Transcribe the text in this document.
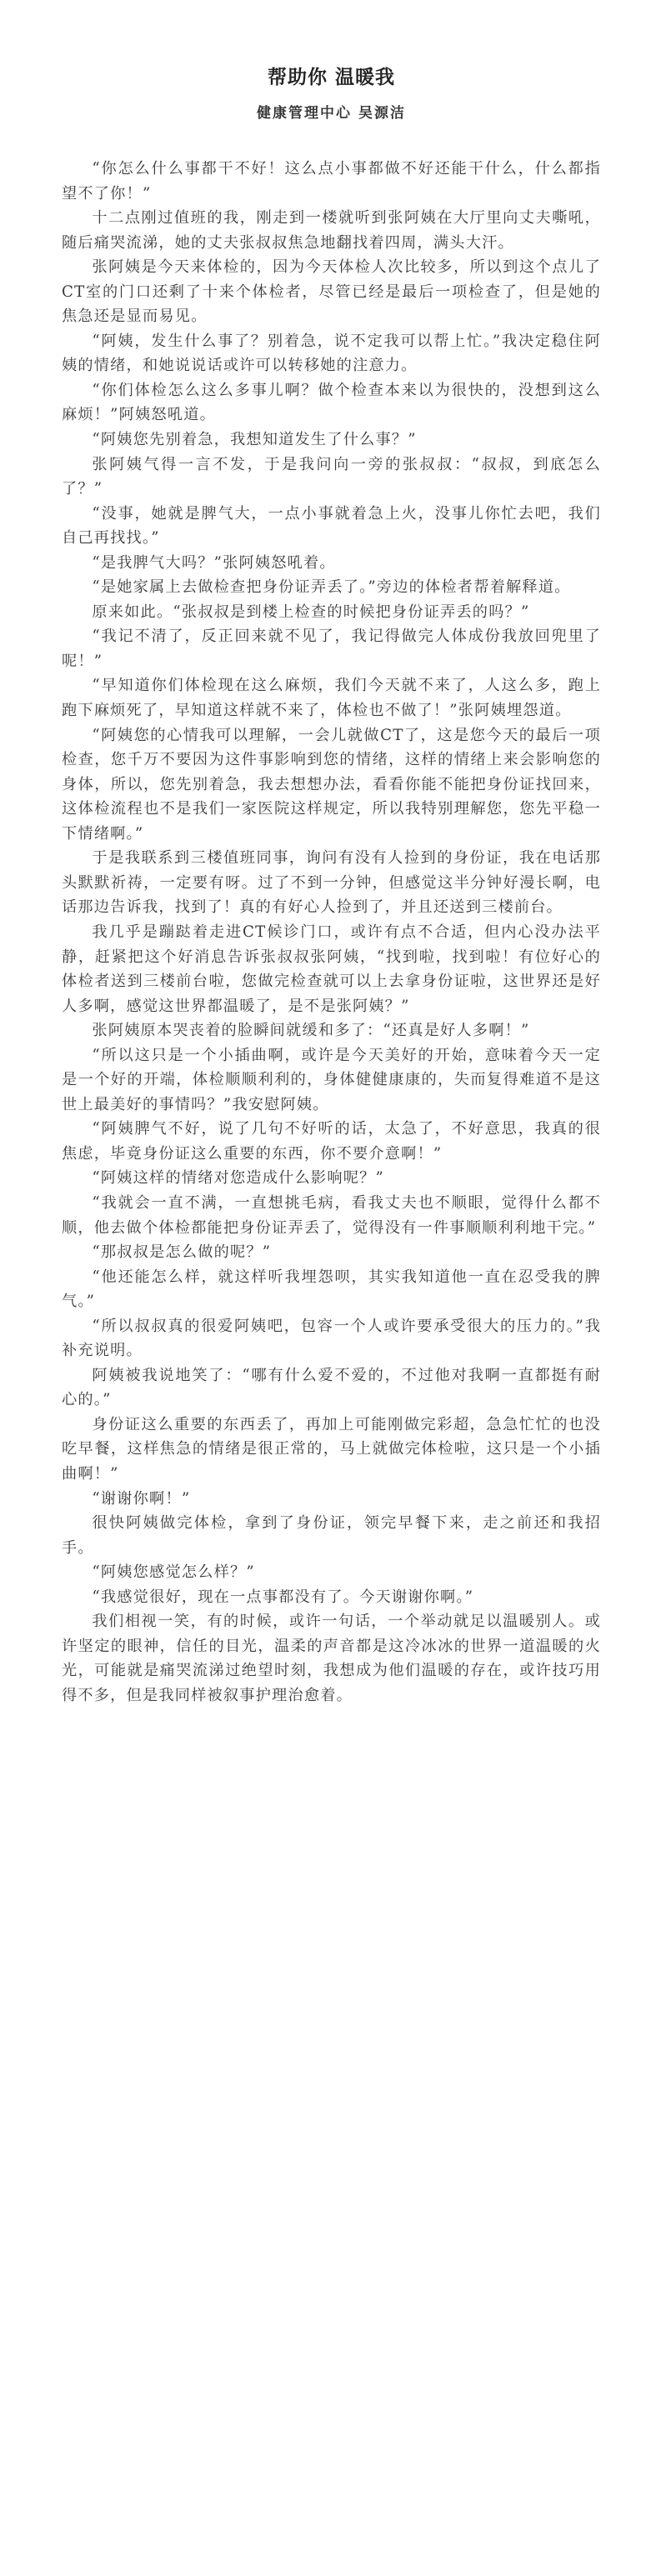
帮助你 温暖我
健康管理中心 吴源洁

“你怎么什么事都干不好！这么点小事都做不好还能干什么，什么都指望不了你！”

十二点刚过值班的我，刚走到一楼就听到张阿姨在大厅里向丈夫嘶吼，随后痛哭流涕，她的丈夫张叔叔焦急地翻找着四周，满头大汗。

张阿姨是今天来体检的，因为今天体检人次比较多，所以到这个点儿了CT室的门口还剩了十来个体检者，尽管已经是最后一项检查了，但是她的焦急还是显而易见。

“阿姨，发生什么事了？别着急，说不定我可以帮上忙。”我决定稳住阿姨的情绪，和她说说话或许可以转移她的注意力。

“你们体检怎么这么多事儿啊？做个检查本来以为很快的，没想到这么麻烦！”阿姨怒吼道。

“阿姨您先别着急，我想知道发生了什么事？”

张阿姨气得一言不发，于是我问向一旁的张叔叔：“叔叔，到底怎么了？”

“没事，她就是脾气大，一点小事就着急上火，没事儿你忙去吧，我们自己再找找。”

“是我脾气大吗？”张阿姨怒吼着。

“是她家属上去做检查把身份证弄丢了。”旁边的体检者帮着解释道。

原来如此。“张叔叔是到楼上检查的时候把身份证弄丢的吗？”

“我记不清了，反正回来就不见了，我记得做完人体成份我放回兜里了呢！”

“早知道你们体检现在这么麻烦，我们今天就不来了，人这么多，跑上跑下麻烦死了，早知道这样就不来了，体检也不做了！”张阿姨埋怨道。

“阿姨您的心情我可以理解，一会儿就做CT了，这是您今天的最后一项检查，您千万不要因为这件事影响到您的情绪，这样的情绪上来会影响您的身体，所以，您先别着急，我去想想办法，看看你能不能把身份证找回来，这体检流程也不是我们一家医院这样规定，所以我特别理解您，您先平稳一下情绪啊。”

于是我联系到三楼值班同事，询问有没有人捡到的身份证，我在电话那头默默祈祷，一定要有呀。过了不到一分钟，但感觉这半分钟好漫长啊，电话那边告诉我，找到了！真的有好心人捡到了，并且还送到三楼前台。

我几乎是蹦跶着走进CT候诊门口，或许有点不合适，但内心没办法平静，赶紧把这个好消息告诉张叔叔张阿姨，“找到啦，找到啦！有位好心的体检者送到三楼前台啦，您做完检查就可以上去拿身份证啦，这世界还是好人多啊，感觉这世界都温暖了，是不是张阿姨？”

张阿姨原本哭丧着的脸瞬间就缓和多了：“还真是好人多啊！”

“所以这只是一个小插曲啊，或许是今天美好的开始，意味着今天一定是一个好的开端，体检顺顺利利的，身体健健康康的，失而复得难道不是这世上最美好的事情吗？”我安慰阿姨。

“阿姨脾气不好，说了几句不好听的话，太急了，不好意思，我真的很焦虑，毕竟身份证这么重要的东西，你不要介意啊！”

“阿姨这样的情绪对您造成什么影响呢？”

“我就会一直不满，一直想挑毛病，看我丈夫也不顺眼，觉得什么都不顺，他去做个体检都能把身份证弄丢了，觉得没有一件事顺顺利利地干完。”

“那叔叔是怎么做的呢？”

“他还能怎么样，就这样听我埋怨呗，其实我知道他一直在忍受我的脾气。”

“所以叔叔真的很爱阿姨吧，包容一个人或许要承受很大的压力的。”我补充说明。

阿姨被我说地笑了：“哪有什么爱不爱的，不过他对我啊一直都挺有耐心的。”

身份证这么重要的东西丢了，再加上可能刚做完彩超，急急忙忙的也没吃早餐，这样焦急的情绪是很正常的，马上就做完体检啦，这只是一个小插曲啊！”

“谢谢你啊！”

很快阿姨做完体检，拿到了身份证，领完早餐下来，走之前还和我招手。

“阿姨您感觉怎么样？”

“我感觉很好，现在一点事都没有了。今天谢谢你啊。”

我们相视一笑，有的时候，或许一句话，一个举动就足以温暖别人。或许坚定的眼神，信任的目光，温柔的声音都是这冷冰冰的世界一道温暖的火光，可能就是痛哭流涕过绝望时刻，我想成为他们温暖的存在，或许技巧用得不多，但是我同样被叙事护理治愈着。
